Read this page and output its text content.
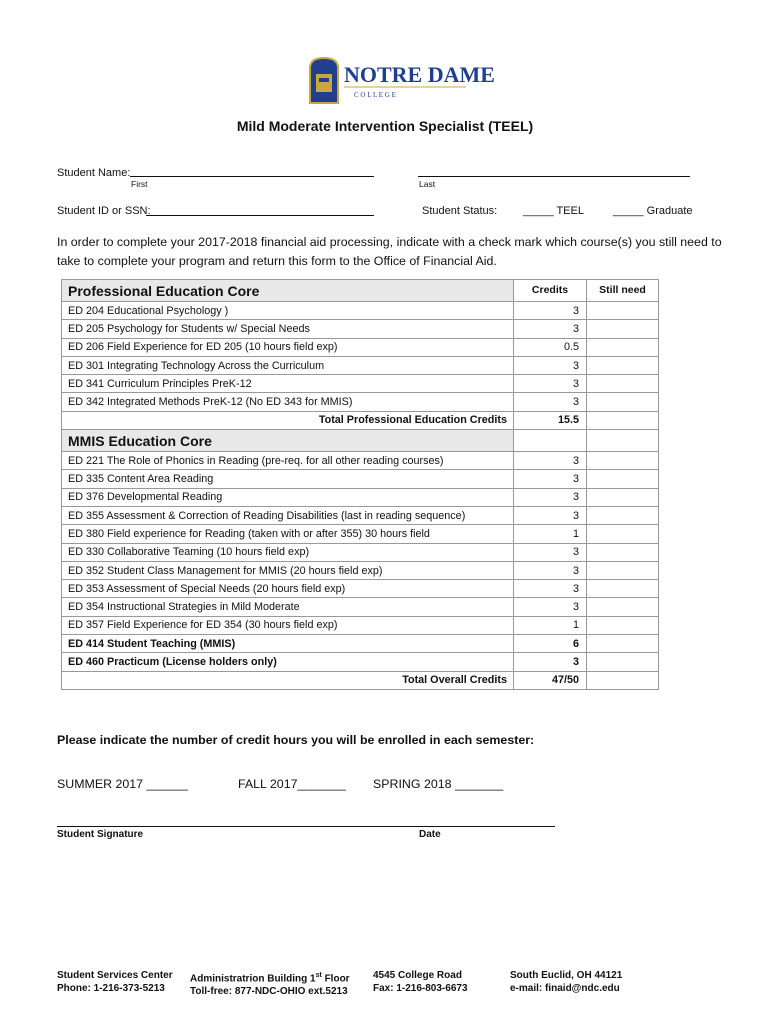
NOTRE DAME
C O L L E G E
Mild Moderate Intervention Specialist (TEEL)
Student Name:
First	Last
Student ID or SSN:	Student Status: _____ TEEL	_____ Graduate
In order to complete your 2017-2018 financial aid processing, indicate with a check mark which course(s) you still need to take to complete your program and return this form to the Office of Financial Aid.
Professional Education Core	Credits	Still need
ED 204 Educational Psychology )	3	
ED 205 Psychology for Students w/ Special Needs	3	
ED 206 Field Experience for ED 205 (10 hours field exp)	0.5	
ED 301 Integrating Technology Across the Curriculum	3	
ED 341 Curriculum Principles PreK-12	3	
ED 342 Integrated Methods PreK-12 (No ED 343 for MMIS)	3	
Total Professional Education Credits	15.5	
MMIS Education Core		
ED 221 The Role of Phonics in Reading (pre-req. for all other reading courses)	3	
ED 335 Content Area Reading	3	
ED 376 Developmental Reading	3	
ED 355 Assessment & Correction of Reading Disabilities (last in reading sequence)	3	
ED 380 Field experience for Reading (taken with or after 355) 30 hours field	1	
ED 330 Collaborative Teaming (10 hours field exp)	3	
ED 352 Student Class Management for MMIS (20 hours field exp)	3	
ED 353 Assessment of Special Needs (20 hours field exp)	3	
ED 354 Instructional Strategies in Mild Moderate	3	
ED 357 Field Experience for ED 354 (30 hours field exp)	1	
ED 414 Student Teaching (MMIS)	6	
ED 460 Practicum (License holders only)	3	
Total Overall Credits	47/50	
Please indicate the number of credit hours you will be enrolled in each semester:
SUMMER 2017 ______	FALL 2017_______ SPRING 2018 _______
Student Signature	Date
Student Services Center
Phone: 1-216-373-5213
Administratrion Building 1st Floor
Toll-free: 877-NDC-OHIO ext.5213
4545 College Road
Fax: 1-216-803-6673
South Euclid, OH 44121
e-mail: finaid@ndc.edu
